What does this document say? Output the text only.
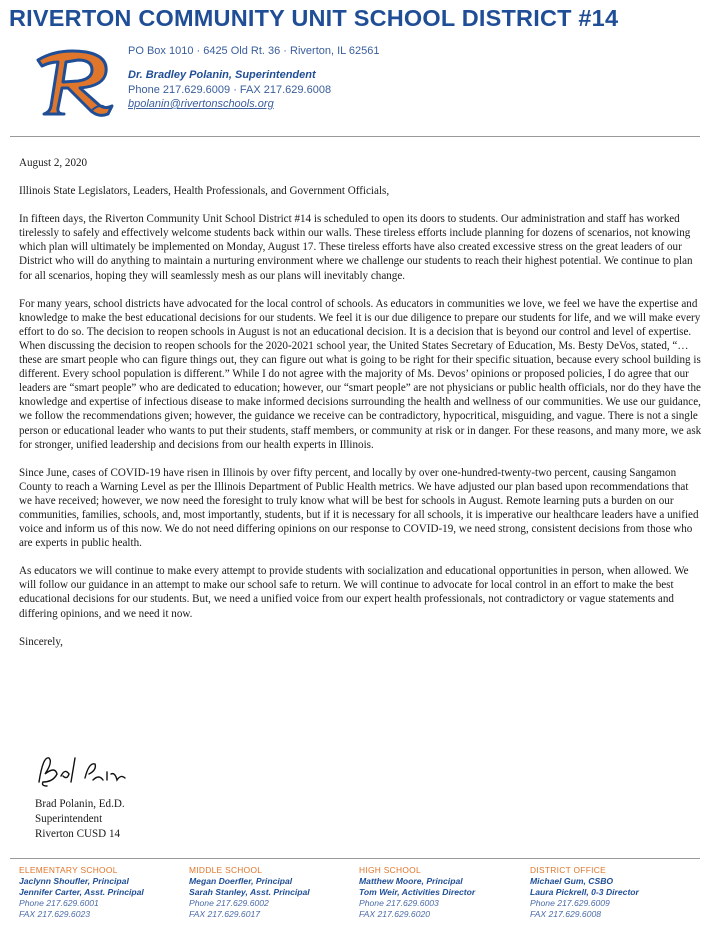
RIVERTON COMMUNITY UNIT SCHOOL DISTRICT #14
PO Box 1010 · 6425 Old Rt. 36 · Riverton, IL 62561
Dr. Bradley Polanin, Superintendent
Phone 217.629.6009 · FAX 217.629.6008
bpolanin@rivertonschools.org

August 2, 2020

Illinois State Legislators, Leaders, Health Professionals, and Government Officials,

In fifteen days, the Riverton Community Unit School District #14 is scheduled to open its doors to students. Our administration and staff has worked tirelessly to safely and effectively welcome students back within our walls. These tireless efforts include planning for dozens of scenarios, not knowing which plan will ultimately be implemented on Monday, August 17. These tireless efforts have also created excessive stress on the great leaders of our District who will do anything to maintain a nurturing environment where we challenge our students to reach their highest potential. We continue to plan for all scenarios, hoping they will seamlessly mesh as our plans will inevitably change.

For many years, school districts have advocated for the local control of schools. As educators in communities we love, we feel we have the expertise and knowledge to make the best educational decisions for our students. We feel it is our due diligence to prepare our students for life, and we will make every effort to do so. The decision to reopen schools in August is not an educational decision. It is a decision that is beyond our control and level of expertise. When discussing the decision to reopen schools for the 2020-2021 school year, the United States Secretary of Education, Ms. Besty DeVos, stated, “…these are smart people who can figure things out, they can figure out what is going to be right for their specific situation, because every school building is different. Every school population is different.” While I do not agree with the majority of Ms. Devos’ opinions or proposed policies, I do agree that our leaders are “smart people” who are dedicated to education; however, our “smart people” are not physicians or public health officials, nor do they have the knowledge and expertise of infectious disease to make informed decisions surrounding the health and wellness of our communities. We use our guidance, we follow the recommendations given; however, the guidance we receive can be contradictory, hypocritical, misguiding, and vague. There is not a single person or educational leader who wants to put their students, staff members, or community at risk or in danger. For these reasons, and many more, we ask for stronger, unified leadership and decisions from our health experts in Illinois.

Since June, cases of COVID-19 have risen in Illinois by over fifty percent, and locally by over one-hundred-twenty-two percent, causing Sangamon County to reach a Warning Level as per the Illinois Department of Public Health metrics. We have adjusted our plan based upon recommendations that we have received; however, we now need the foresight to truly know what will be best for schools in August. Remote learning puts a burden on our communities, families, schools, and, most importantly, students, but if it is necessary for all schools, it is imperative our healthcare leaders have a unified voice and inform us of this now. We do not need differing opinions on our response to COVID-19, we need strong, consistent decisions from those who are experts in public health.

As educators we will continue to make every attempt to provide students with socialization and educational opportunities in person, when allowed. We will follow our guidance in an attempt to make our school safe to return. We will continue to advocate for local control in an effort to make the best educational decisions for our students. But, we need a unified voice from our expert health professionals, not contradictory or vague statements and differing opinions, and we need it now.

Sincerely,

Brad Polanin, Ed.D.
Superintendent
Riverton CUSD 14
ELEMENTARY SCHOOL
Jaclynn Shoufler, Principal
Jennifer Carter, Asst. Principal
Phone 217.629.6001
FAX 217.629.6023
MIDDLE SCHOOL
Megan Doerfler, Principal
Sarah Stanley, Asst. Principal
Phone 217.629.6002
FAX 217.629.6017
HIGH SCHOOL
Matthew Moore, Principal
Tom Weir, Activities Director
Phone 217.629.6003
FAX 217.629.6020
DISTRICT OFFICE
Michael Gum, CSBO
Laura Pickrell, 0-3 Director
Phone 217.629.6009
FAX 217.629.6008
